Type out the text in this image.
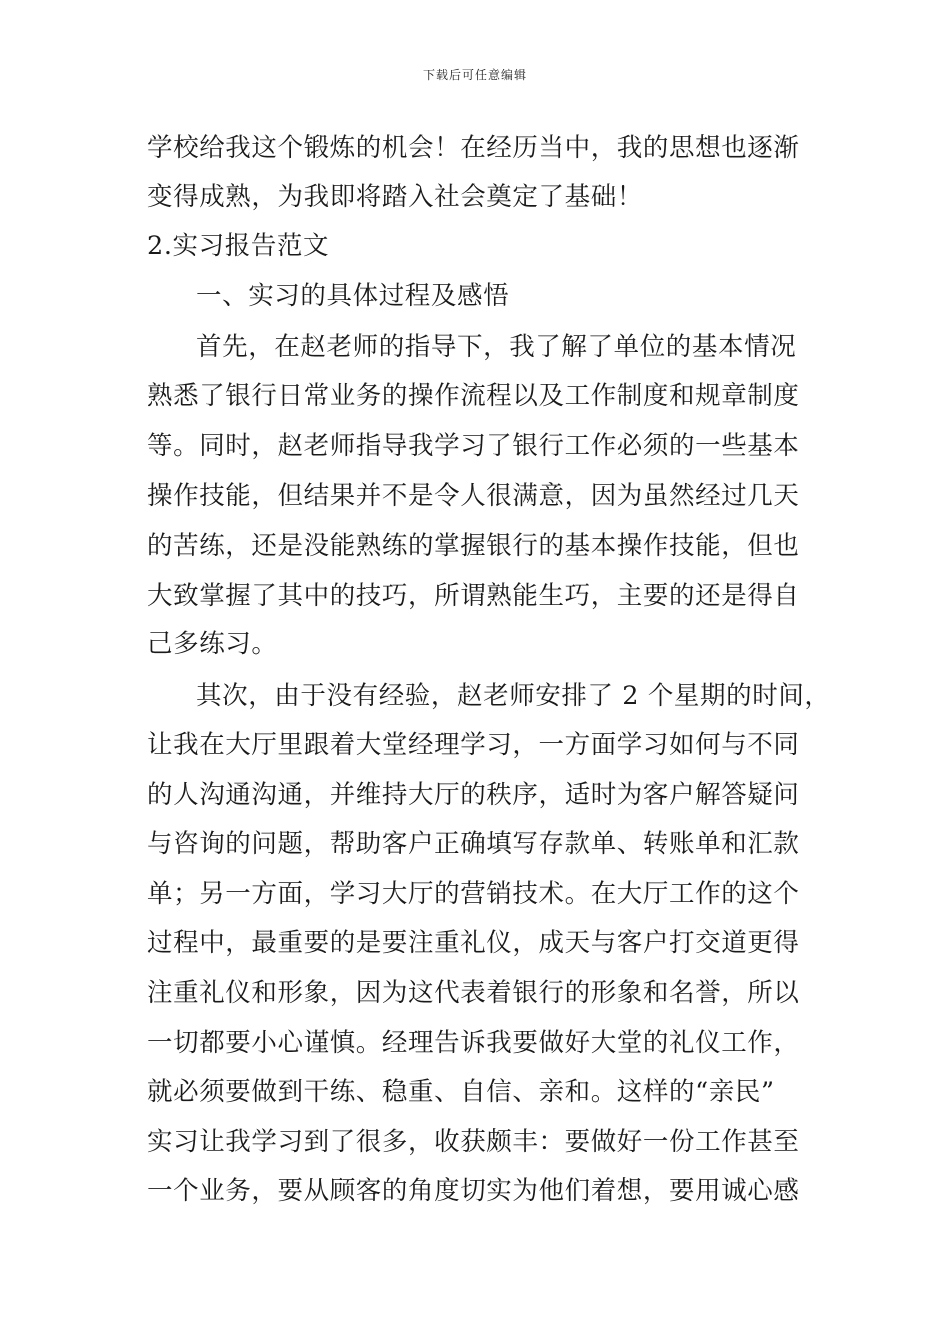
下载后可任意编辑
学校给我这个锻炼的机会！在经历当中，我的思想也逐渐
变得成熟，为我即将踏入社会奠定了基础！
2.实习报告范文
一、实习的具体过程及感悟
首先，在赵老师的指导下，我了解了单位的基本情况
熟悉了银行日常业务的操作流程以及工作制度和规章制度
等。同时，赵老师指导我学习了银行工作必须的一些基本
操作技能，但结果并不是令人很满意，因为虽然经过几天
的苦练，还是没能熟练的掌握银行的基本操作技能，但也
大致掌握了其中的技巧，所谓熟能生巧，主要的还是得自
己多练习。
其次，由于没有经验，赵老师安排了 2 个星期的时间，
让我在大厅里跟着大堂经理学习，一方面学习如何与不同
的人沟通沟通，并维持大厅的秩序，适时为客户解答疑问
与咨询的问题，帮助客户正确填写存款单、转账单和汇款
单；另一方面，学习大厅的营销技术。在大厅工作的这个
过程中，最重要的是要注重礼仪，成天与客户打交道更得
注重礼仪和形象，因为这代表着银行的形象和名誉，所以
一切都要小心谨慎。经理告诉我要做好大堂的礼仪工作，
就必须要做到干练、稳重、自信、亲和。这样的“亲民”
实习让我学习到了很多，收获颇丰：要做好一份工作甚至
一个业务，要从顾客的角度切实为他们着想，要用诚心感
